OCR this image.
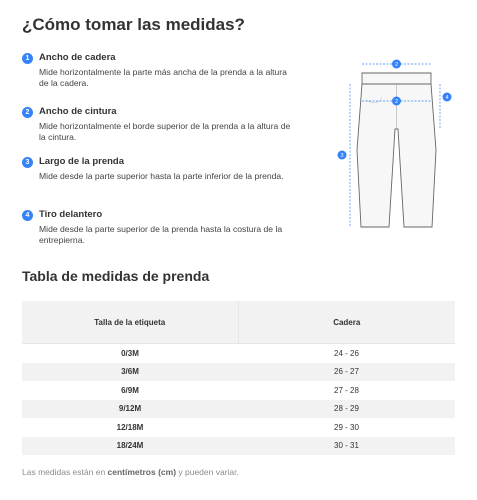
¿Cómo tomar las medidas?
1	Ancho de cadera
Mide horizontalmente la parte más ancha de la prenda a la altura de la cadera.
2	Ancho de cintura
Mide horizontalmente el borde superior de la prenda a la altura de la cintura.
3	Largo de la prenda
Mide desde la parte superior hasta la parte inferior de la prenda.
4	Tiro delantero
Mide desde la parte superior de la prenda hasta la costura de la entrepierna.
2
2
3
4
Tabla de medidas de prenda
Talla de la etiqueta	Cadera
0/3M	24 - 26
3/6M	26 - 27
6/9M	27 - 28
9/12M	28 - 29
12/18M	29 - 30
18/24M	30 - 31
Las medidas están en centímetros (cm) y pueden variar.
